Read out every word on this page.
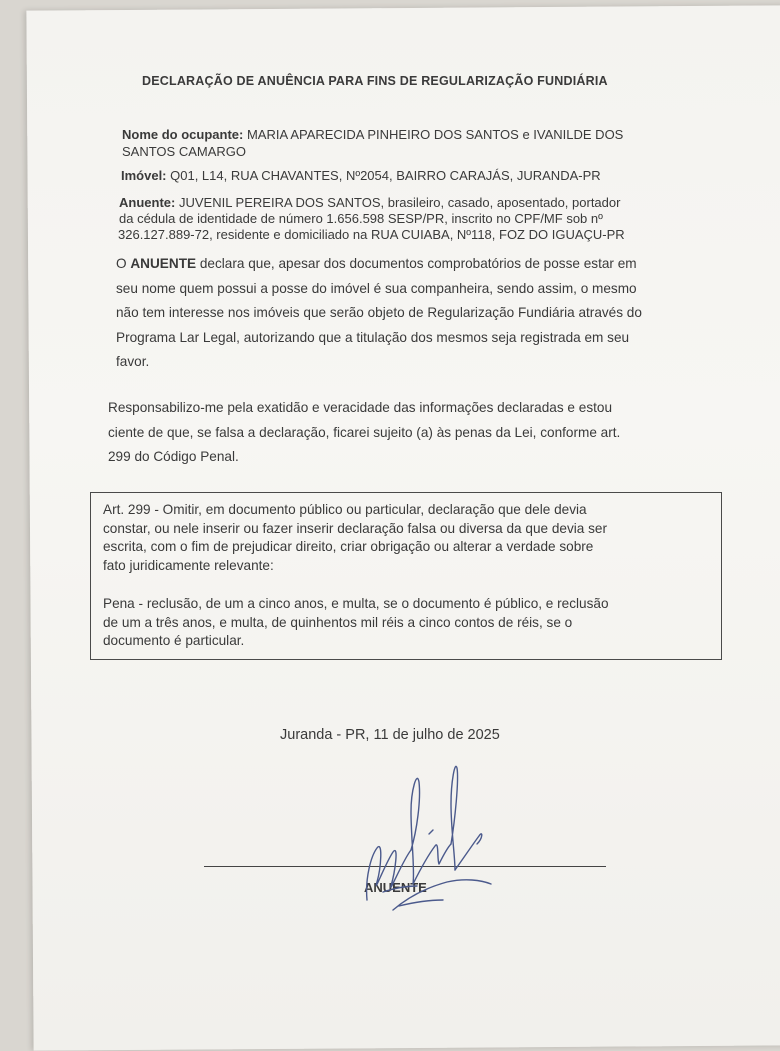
DECLARAÇÃO DE ANUÊNCIA PARA FINS DE REGULARIZAÇÃO FUNDIÁRIA
Nome do ocupante: MARIA APARECIDA PINHEIRO DOS SANTOS e IVANILDE DOS
SANTOS CAMARGO
Imóvel: Q01, L14, RUA CHAVANTES, Nº2054, BAIRRO CARAJÁS, JURANDA-PR
Anuente: JUVENIL PEREIRA DOS SANTOS, brasileiro, casado, aposentado, portador
da cédula de identidade de número 1.656.598 SESP/PR, inscrito no CPF/MF sob nº
326.127.889-72, residente e domiciliado na RUA CUIABA, Nº118, FOZ DO IGUAÇU-PR
O ANUENTE declara que, apesar dos documentos comprobatórios de posse estar em
seu nome quem possui a posse do imóvel é sua companheira, sendo assim, o mesmo
não tem interesse nos imóveis que serão objeto de Regularização Fundiária através do
Programa Lar Legal, autorizando que a titulação dos mesmos seja registrada em seu
favor.
Responsabilizo-me pela exatidão e veracidade das informações declaradas e estou
ciente de que, se falsa a declaração, ficarei sujeito (a) às penas da Lei, conforme art.
299 do Código Penal.
Art. 299 - Omitir, em documento público ou particular, declaração que dele devia
constar, ou nele inserir ou fazer inserir declaração falsa ou diversa da que devia ser
escrita, com o fim de prejudicar direito, criar obrigação ou alterar a verdade sobre
fato juridicamente relevante:
Pena - reclusão, de um a cinco anos, e multa, se o documento é público, e reclusão
de um a três anos, e multa, de quinhentos mil réis a cinco contos de réis, se o
documento é particular.
Juranda - PR, 11 de julho de 2025
ANUENTE
